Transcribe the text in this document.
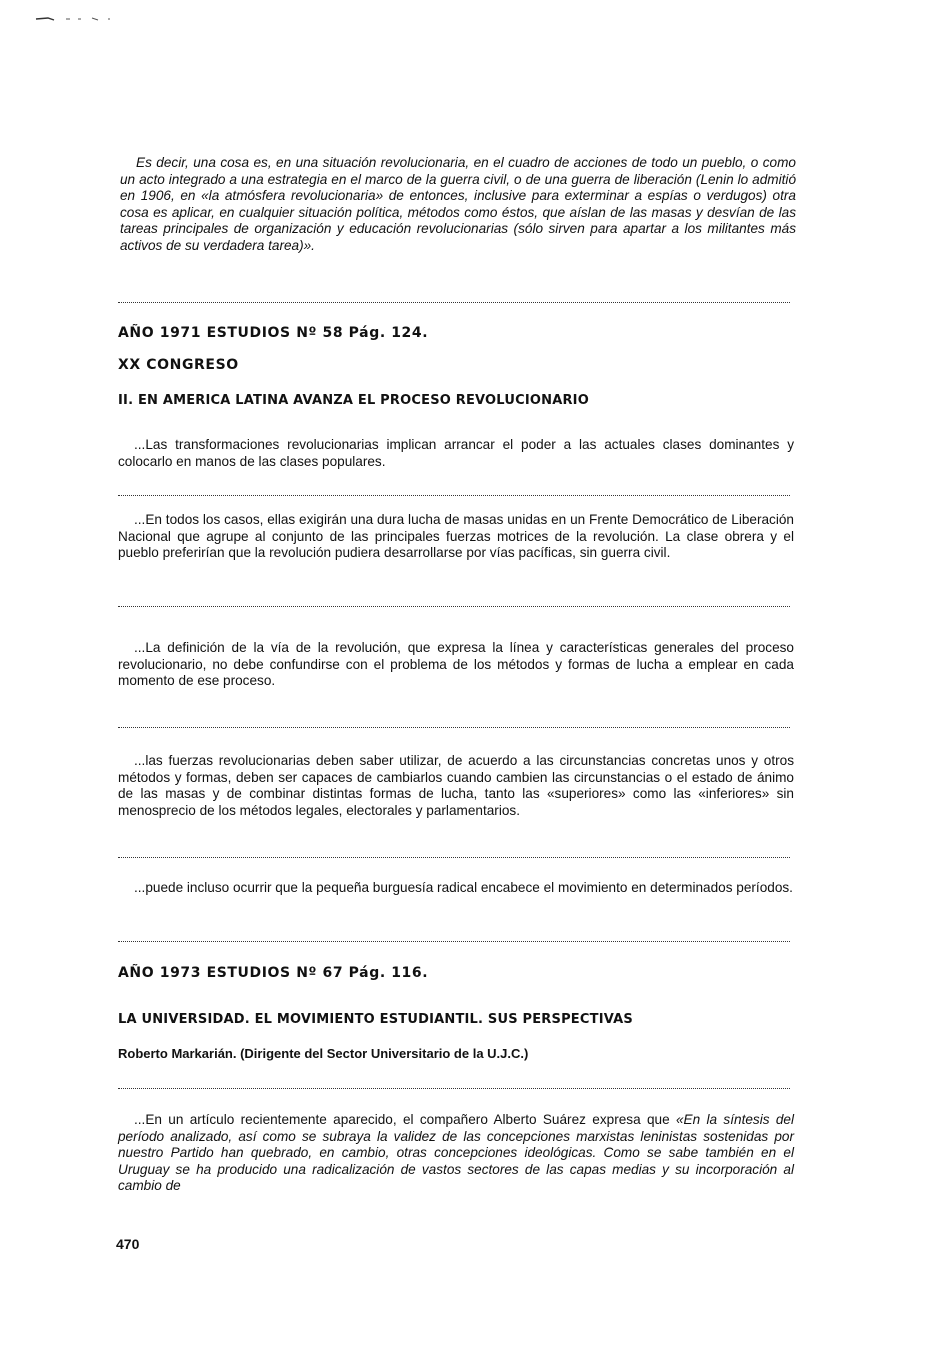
Es decir, una cosa es, en una situación revolucionaria, en el cuadro de acciones de todo un pueblo, o como un acto integrado a una estrategia en el marco de la guerra civil, o de una guerra de liberación (Lenin lo admitió en 1906, en «la atmósfera revolucionaria» de entonces, inclusive para exterminar a espías o verdugos) otra cosa es aplicar, en cualquier situación política, métodos como éstos, que aíslan de las masas y desvían de las tareas principales de organización y educación revolucionarias (sólo sirven para apartar a los militantes más activos de su verdadera tarea)».

AÑO 1971 ESTUDIOS Nº 58 Pág. 124.

XX CONGRESO

II. EN AMERICA LATINA AVANZA EL PROCESO REVOLUCIONARIO

...Las transformaciones revolucionarias implican arrancar el poder a las actuales clases dominantes y colocarlo en manos de las clases populares.

...En todos los casos, ellas exigirán una dura lucha de masas unidas en un Frente Democrático de Liberación Nacional que agrupe al conjunto de las principales fuerzas motrices de la revolución. La clase obrera y el pueblo preferirían que la revolución pudiera desarrollarse por vías pacíficas, sin guerra civil.

...La definición de la vía de la revolución, que expresa la línea y características generales del proceso revolucionario, no debe confundirse con el problema de los métodos y formas de lucha a emplear en cada momento de ese proceso.

...las fuerzas revolucionarias deben saber utilizar, de acuerdo a las circunstancias concretas unos y otros métodos y formas, deben ser capaces de cambiarlos cuando cambien las circunstancias o el estado de ánimo de las masas y de combinar distintas formas de lucha, tanto las «superiores» como las «inferiores» sin menosprecio de los métodos legales, electorales y parlamentarios.

...puede incluso ocurrir que la pequeña burguesía radical encabece el movimiento en determinados períodos.

AÑO 1973 ESTUDIOS Nº 67 Pág. 116.

LA UNIVERSIDAD. EL MOVIMIENTO ESTUDIANTIL. SUS PERSPECTIVAS

Roberto Markarián. (Dirigente del Sector Universitario de la U.J.C.)

...En un artículo recientemente aparecido, el compañero Alberto Suárez expresa que «En la síntesis del período analizado, así como se subraya la validez de las concepciones marxistas leninistas sostenidas por nuestro Partido han quebrado, en cambio, otras concepciones ideológicas. Como se sabe también en el Uruguay se ha producido una radicalización de vastos sectores de las capas medias y su incorporación al cambio de

470
